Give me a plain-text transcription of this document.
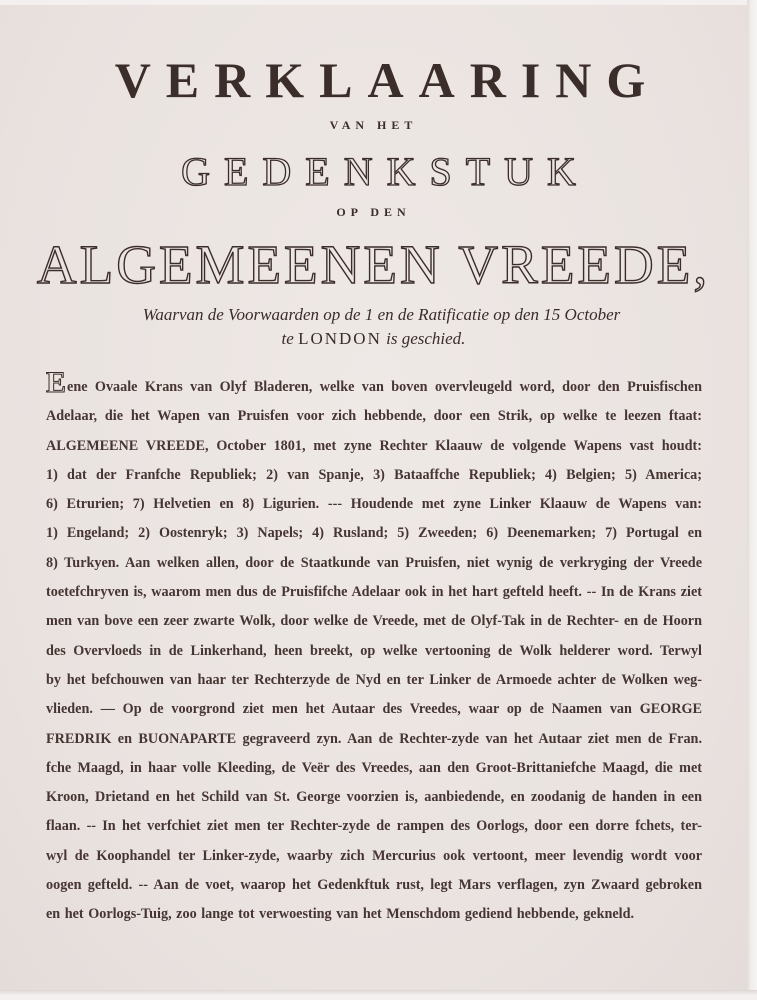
VERKLAARING
VAN HET
GEDENKSTUK
OP DEN
ALGEMEENEN VREEDE,
Waarvan de Voorwaarden op de 1 en de Ratificatie op den 15 October
te LONDON is geschied.
Eene Ovaale Krans van Olyf Bladeren, welke van boven overvleugeld word, door den Pruisfischen
Adelaar, die het Wapen van Pruisfen voor zich hebbende, door een Strik, op welke te leezen ftaat:
ALGEMEENE VREEDE, October 1801, met zyne Rechter Klaauw de volgende Wapens vast houdt:
1) dat der Franfche Republiek; 2) van Spanje, 3) Bataaffche Republiek; 4) Belgien; 5) America;
6) Etrurien; 7) Helvetien en 8) Ligurien. --- Houdende met zyne Linker Klaauw de Wapens van:
1) Engeland; 2) Oostenryk; 3) Napels; 4) Rusland; 5) Zweeden; 6) Deenemarken; 7) Portugal en
8) Turkyen. Aan welken allen, door de Staatkunde van Pruisfen, niet wynig de verkryging der Vreede
toetefchryven is, waarom men dus de Pruisfifche Adelaar ook in het hart gefteld heeft. -- In de Krans ziet
men van bove een zeer zwarte Wolk, door welke de Vreede, met de Olyf-Tak in de Rechter- en de Hoorn
des Overvloeds in de Linkerhand, heen breekt, op welke vertooning de Wolk helderer word. Terwyl
by het befchouwen van haar ter Rechterzyde de Nyd en ter Linker de Armoede achter de Wolken weg-
vlieden. — Op de voorgrond ziet men het Autaar des Vreedes, waar op de Naamen van GEORGE
FREDRIK en BUONAPARTE gegraveerd zyn. Aan de Rechter-zyde van het Autaar ziet men de Fran.
fche Maagd, in haar volle Kleeding, de Veër des Vreedes, aan den Groot-Brittaniefche Maagd, die met
Kroon, Drietand en het Schild van St. George voorzien is, aanbiedende, en zoodanig de handen in een
flaan. -- In het verfchiet ziet men ter Rechter-zyde de rampen des Oorlogs, door een dorre fchets, ter-
wyl de Koophandel ter Linker-zyde, waarby zich Mercurius ook vertoont, meer levendig wordt voor
oogen gefteld. -- Aan de voet, waarop het Gedenkftuk rust, legt Mars verflagen, zyn Zwaard gebroken
en het Oorlogs-Tuig, zoo lange tot verwoesting van het Menschdom gediend hebbende, gekneld.
